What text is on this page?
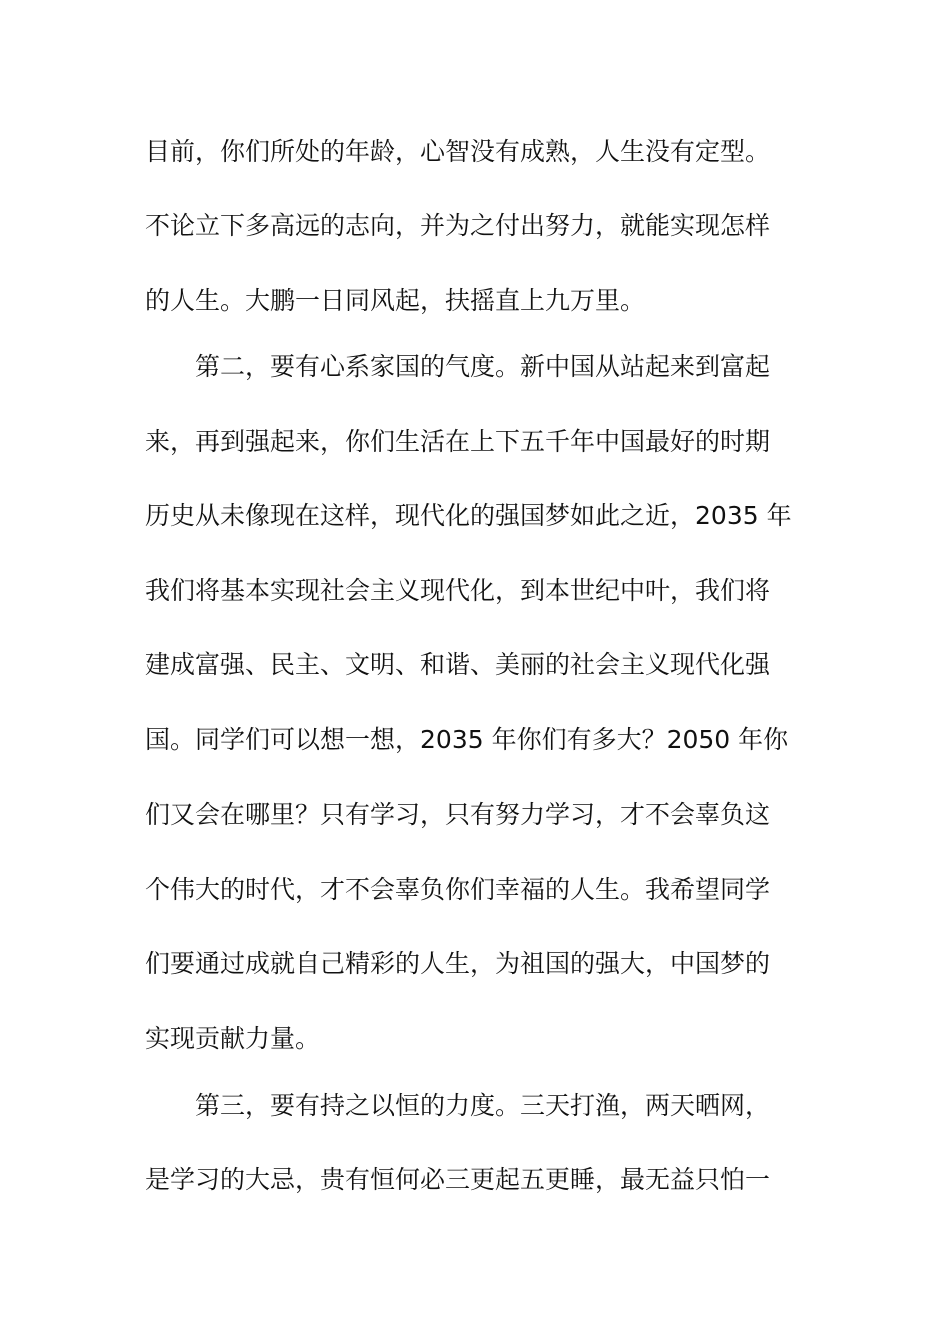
目前，你们所处的年龄，心智没有成熟，人生没有定型。
不论立下多高远的志向，并为之付出努力，就能实现怎样
的人生。大鹏一日同风起，扶摇直上九万里。
第二，要有心系家国的气度。新中国从站起来到富起
来，再到强起来，你们生活在上下五千年中国最好的时期
历史从未像现在这样，现代化的强国梦如此之近，2035 年
我们将基本实现社会主义现代化，到本世纪中叶，我们将
建成富强、民主、文明、和谐、美丽的社会主义现代化强
国。同学们可以想一想，2035 年你们有多大？2050 年你
们又会在哪里？只有学习，只有努力学习，才不会辜负这
个伟大的时代，才不会辜负你们幸福的人生。我希望同学
们要通过成就自己精彩的人生，为祖国的强大，中国梦的
实现贡献力量。
第三，要有持之以恒的力度。三天打渔，两天晒网，
是学习的大忌，贵有恒何必三更起五更睡，最无益只怕一
